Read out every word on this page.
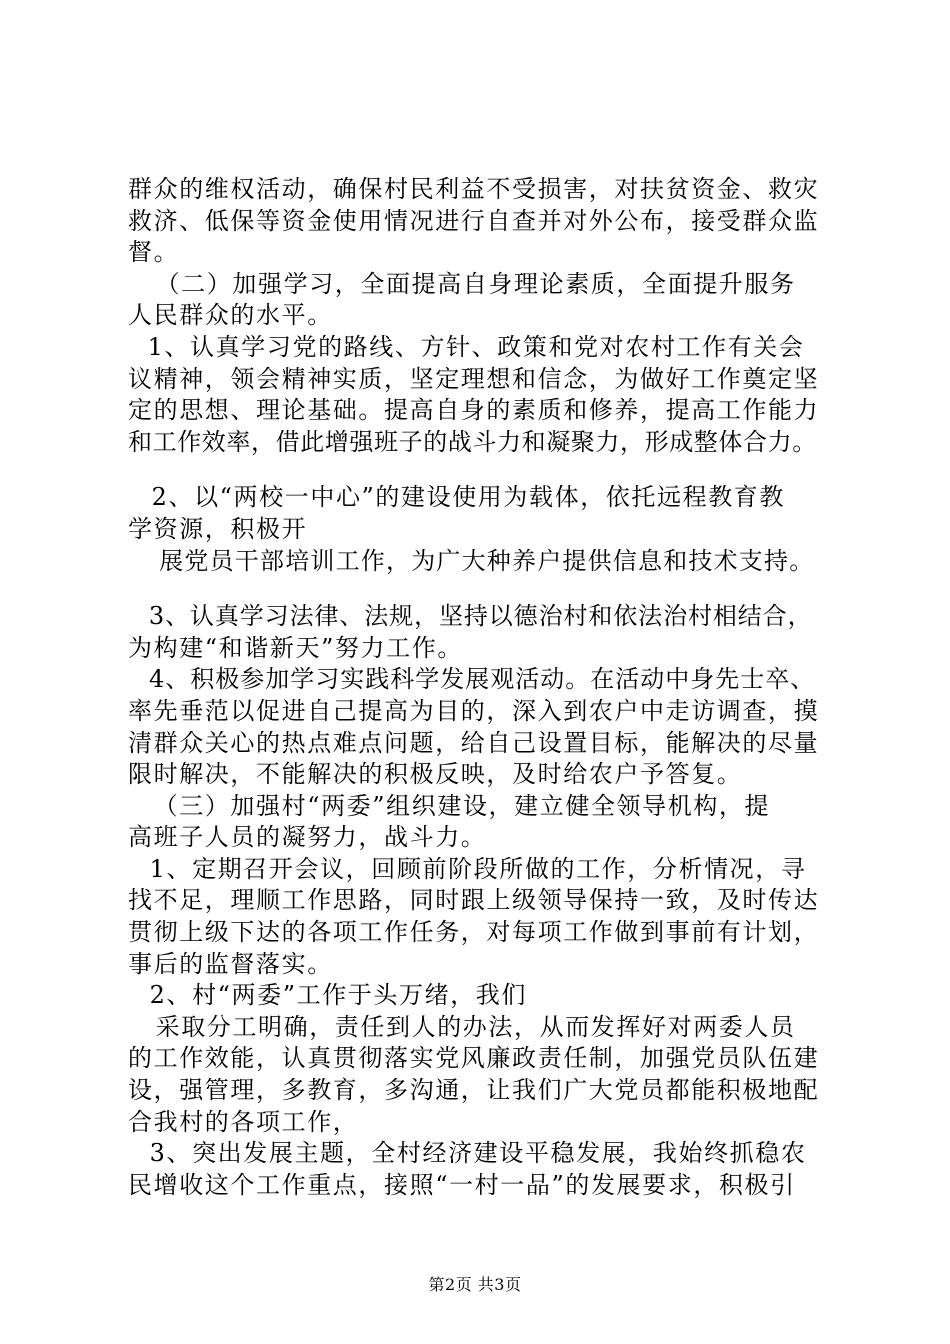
群众的维权活动，确保村民利益不受损害，对扶贫资金、救灾
救济、低保等资金使用情况进行自查并对外公布，接受群众监
督。
　（二）加强学习，全面提高自身理论素质，全面提升服务
人民群众的水平。
　1、认真学习党的路线、方针、政策和党对农村工作有关会
议精神，领会精神实质，坚定理想和信念，为做好工作奠定坚
定的思想、理论基础。提高自身的素质和修养，提高工作能力
和工作效率，借此增强班子的战斗力和凝聚力，形成整体合力。
　2、以“两校一中心”的建设使用为载体，依托远程教育教
学资源，积极开
　展党员干部培训工作，为广大种养户提供信息和技术支持。
　3、认真学习法律、法规，坚持以德治村和依法治村相结合，
为构建“和谐新天”努力工作。
　4、积极参加学习实践科学发展观活动。在活动中身先士卒、
率先垂范以促进自己提高为目的，深入到农户中走访调查，摸
清群众关心的热点难点问题，给自己设置目标，能解决的尽量
限时解决，不能解决的积极反映，及时给农户予答复。
　（三）加强村“两委”组织建设，建立健全领导机构，提
高班子人员的凝努力，战斗力。
　1、定期召开会议，回顾前阶段所做的工作，分析情况，寻
找不足，理顺工作思路，同时跟上级领导保持一致，及时传达
贯彻上级下达的各项工作任务，对每项工作做到事前有计划，
事后的监督落实。
　2、村“两委”工作于头万绪，我们
　采取分工明确，责任到人的办法，从而发挥好对两委人员
的工作效能，认真贯彻落实党风廉政责任制，加强党员队伍建
设，强管理，多教育，多沟通，让我们广大党员都能积极地配
合我村的各项工作，
　3、突出发展主题，全村经济建设平稳发展，我始终抓稳农
民增收这个工作重点，接照“一村一品”的发展要求，积极引
第2页 共3页
